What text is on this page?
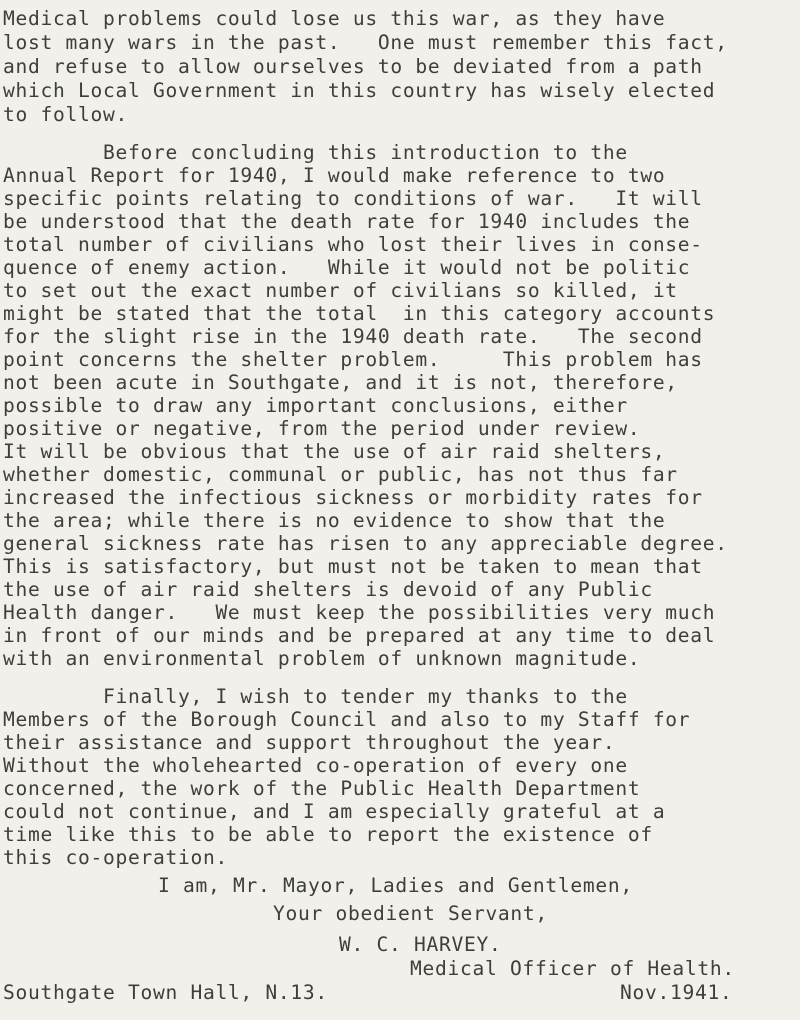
Medical problems could lose us this war, as they have
lost many wars in the past.   One must remember this fact,
and refuse to allow ourselves to be deviated from a path
which Local Government in this country has wisely elected
to follow.
Before concluding this introduction to the
Annual Report for 1940, I would make reference to two
specific points relating to conditions of war.   It will
be understood that the death rate for 1940 includes the
total number of civilians who lost their lives in conse-
quence of enemy action.   While it would not be politic
to set out the exact number of civilians so killed, it
might be stated that the total  in this category accounts
for the slight rise in the 1940 death rate.   The second
point concerns the shelter problem.     This problem has
not been acute in Southgate, and it is not, therefore,
possible to draw any important conclusions, either
positive or negative, from the period under review.
It will be obvious that the use of air raid shelters,
whether domestic, communal or public, has not thus far
increased the infectious sickness or morbidity rates for
the area; while there is no evidence to show that the
general sickness rate has risen to any appreciable degree.
This is satisfactory, but must not be taken to mean that
the use of air raid shelters is devoid of any Public
Health danger.   We must keep the possibilities very much
in front of our minds and be prepared at any time to deal
with an environmental problem of unknown magnitude.
Finally, I wish to tender my thanks to the
Members of the Borough Council and also to my Staff for
their assistance and support throughout the year.
Without the wholehearted co-operation of every one
concerned, the work of the Public Health Department
could not continue, and I am especially grateful at a
time like this to be able to report the existence of
this co-operation.
I am, Mr. Mayor, Ladies and Gentlemen,
Your obedient Servant,
W. C. HARVEY.
Medical Officer of Health.
Southgate Town Hall, N.13.	Nov.1941.
